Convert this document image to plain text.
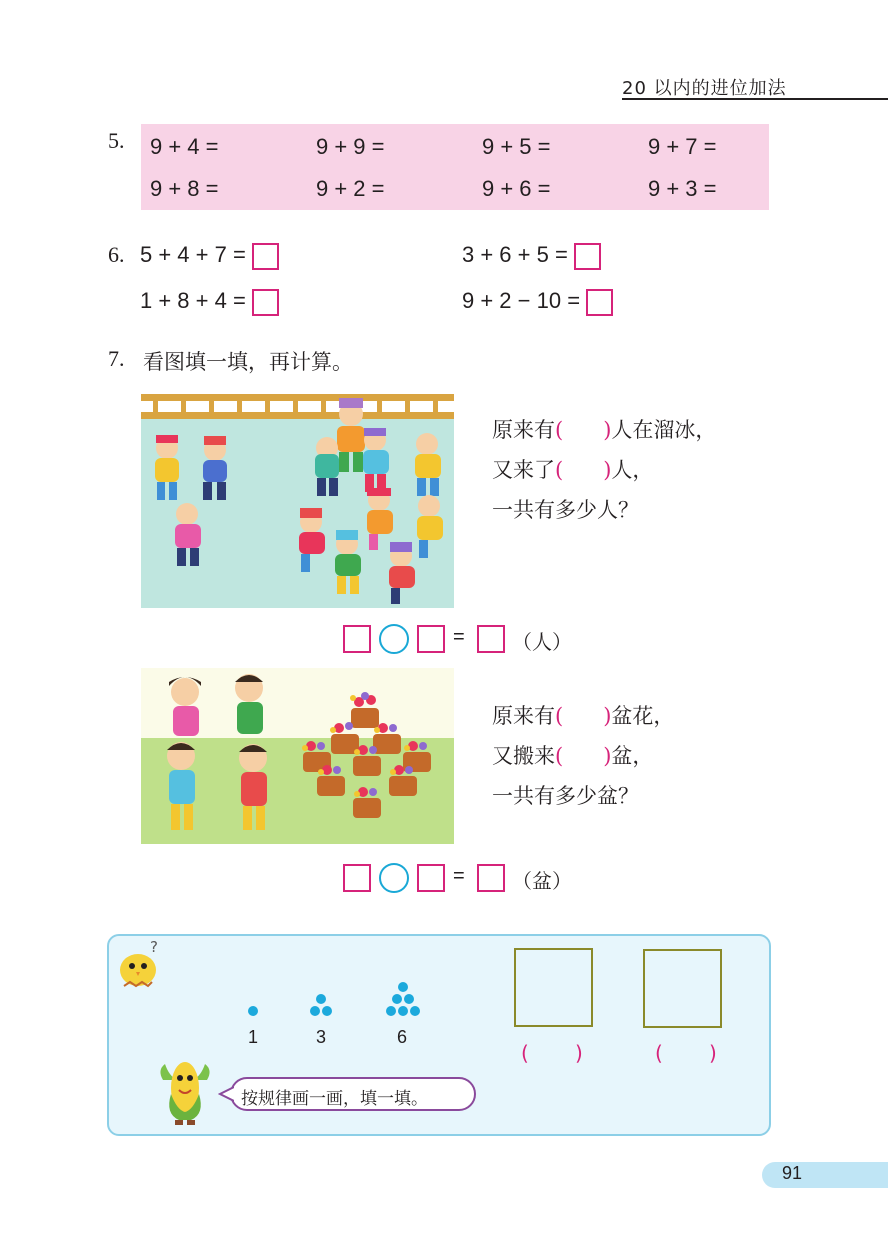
20 以内的进位加法
5. 9 + 4 =	9 + 9 =	9 + 5 =	9 + 7 =
9 + 8 =	9 + 2 =	9 + 6 =	9 + 3 =
6. 5 + 4 + 7 =	3 + 6 + 5 =
1 + 8 + 4 =	9 + 2 − 10 =
7. 看图填一填，再计算。
原来有( )人在溜冰，
又来了( )人，
一共有多少人？
= （人）
原来有( )盆花，
又搬来( )盆，
一共有多少盆？
= （盆）
?
1	3	6
( )	( )
按规律画一画，填一填。
91
